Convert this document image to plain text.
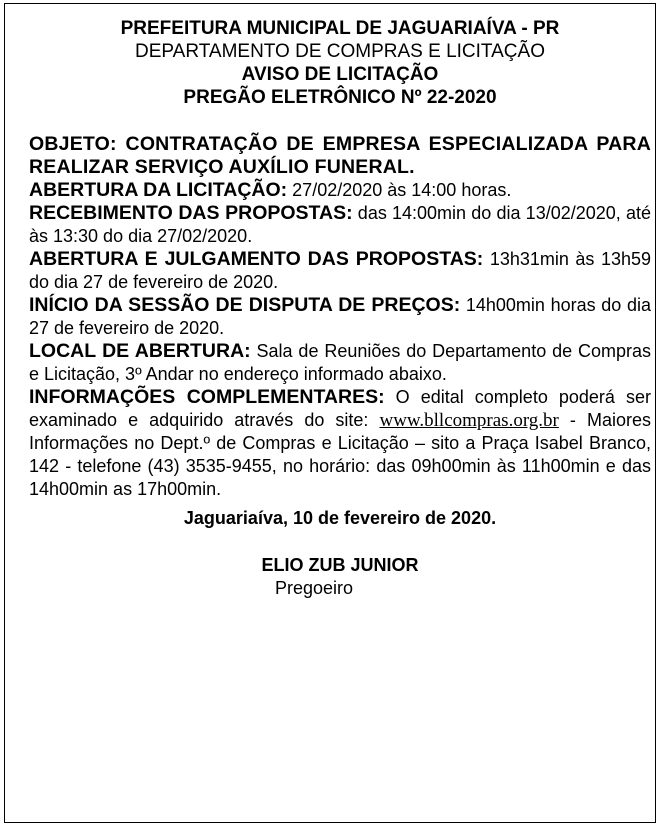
PREFEITURA MUNICIPAL DE JAGUARIAÍVA - PR

DEPARTAMENTO DE COMPRAS E LICITAÇÃO

AVISO DE LICITAÇÃO

PREGÃO ELETRÔNICO Nº 22-2020

OBJETO: CONTRATAÇÃO DE EMPRESA ESPECIALIZADA PARA REALIZAR SERVIÇO AUXÍLIO FUNERAL.

ABERTURA DA LICITAÇÃO: 27/02/2020 às 14:00 horas.

RECEBIMENTO DAS PROPOSTAS: das 14:00min do dia 13/02/2020, até às 13:30 do dia 27/02/2020.

ABERTURA E JULGAMENTO DAS PROPOSTAS: 13h31min às 13h59 do dia 27 de fevereiro de 2020.

INÍCIO DA SESSÃO DE DISPUTA DE PREÇOS: 14h00min horas do dia 27 de fevereiro de 2020.

LOCAL DE ABERTURA: Sala de Reuniões do Departamento de Compras e Licitação, 3º Andar no endereço informado abaixo.

INFORMAÇÕES COMPLEMENTARES: O edital completo poderá ser examinado e adquirido através do site: www.bllcompras.org.br - Maiores Informações no Dept.º de Compras e Licitação – sito a Praça Isabel Branco, 142 - telefone (43) 3535-9455, no horário: das 09h00min às 11h00min e das 14h00min as 17h00min.

Jaguariaíva, 10 de fevereiro de 2020.

ELIO ZUB JUNIOR

Pregoeiro
